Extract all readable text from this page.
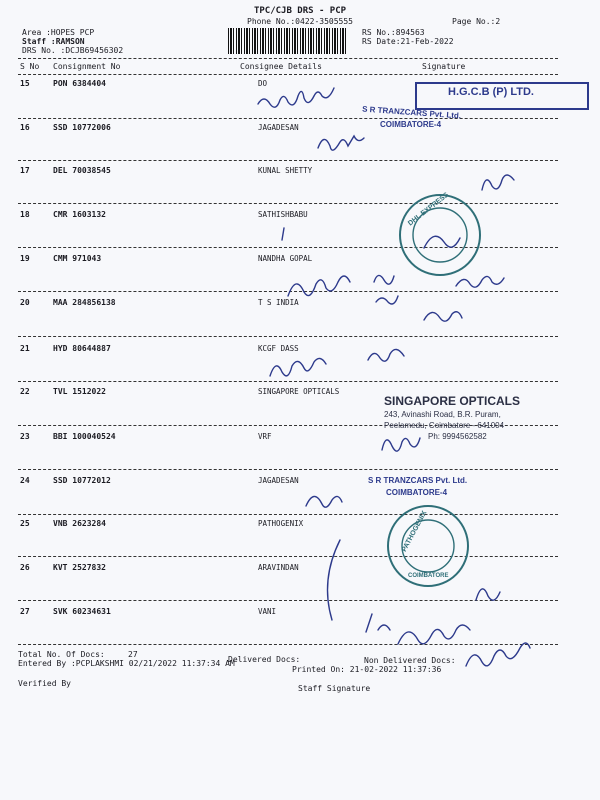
TPC/CJB DRS - PCP
Phone No.:0422-3505555	Page No.:2
Area :HOPES PCP
Staff :RAMSON
DRS No. :DCJB69456302
RS No.:894563
RS Date:21-Feb-2022
S No Consignment No	Consignee Details	Signature
15	PON 6384404	DO
16	SSD 10772006	JAGADESAN
17	DEL 70038545	KUNAL SHETTY
18	CMR 1603132	SATHISHBABU
19	CMM 971043	NANDHA GOPAL
20	MAA 284856138	T S INDIA
21	HYD 80644887	KCGF DASS
22	TVL 1512022	SINGAPORE OPTICALS
23	BBI 100040524	VRF
24	SSD 10772012	JAGADESAN
25	VNB 2623284	PATHOGENIX
26	KVT 2527832	ARAVINDAN
27	SVK 60234631	VANI
Total No. Of Docs:	27
Delivered Docs:	Non Delivered Docs:
Entered By :PCPLAKSHMI 02/21/2022 11:37:34 AM
Printed On: 21-02-2022 11:37:36
Verified By
Staff Signature
H.G.C.B (P) LTD.
S R TRANZCARS Pvt. Ltd.
COIMBATORE-4
S R TRANZCARS Pvt. Ltd.
COIMBATORE-4
SINGAPORE OPTICALS
243, Avinashi Road, B.R. Puram,
Peelamedu, Coimbatore - 641004
Ph: 9994562582
DHL EXPRESS
PATHOGENIX
COIMBATORE
